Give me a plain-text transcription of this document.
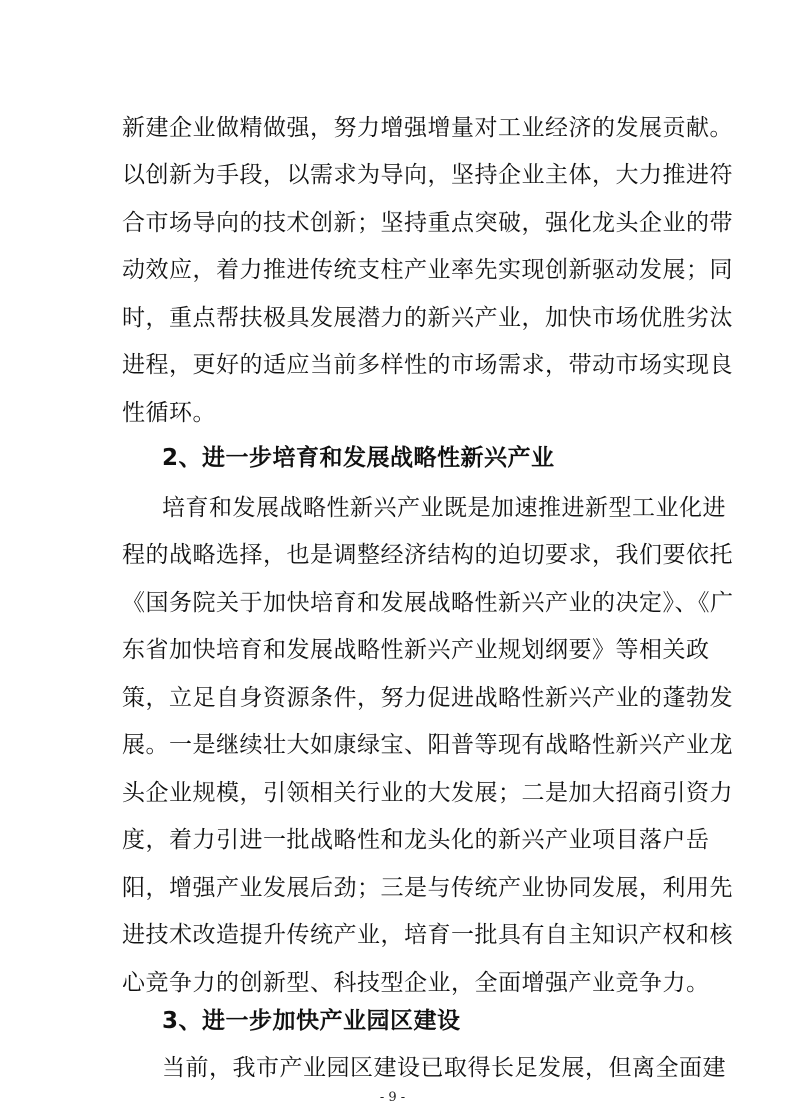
新建企业做精做强，努力增强增量对工业经济的发展贡献。
以创新为手段，以需求为导向，坚持企业主体，大力推进符
合市场导向的技术创新；坚持重点突破，强化龙头企业的带
动效应，着力推进传统支柱产业率先实现创新驱动发展；同
时，重点帮扶极具发展潜力的新兴产业，加快市场优胜劣汰
进程，更好的适应当前多样性的市场需求，带动市场实现良
性循环。
2、进一步培育和发展战略性新兴产业
培育和发展战略性新兴产业既是加速推进新型工业化进
程的战略选择，也是调整经济结构的迫切要求，我们要依托
《国务院关于加快培育和发展战略性新兴产业的决定》、《广
东省加快培育和发展战略性新兴产业规划纲要》等相关政
策，立足自身资源条件，努力促进战略性新兴产业的蓬勃发
展。一是继续壮大如康绿宝、阳普等现有战略性新兴产业龙
头企业规模，引领相关行业的大发展；二是加大招商引资力
度，着力引进一批战略性和龙头化的新兴产业项目落户岳
阳，增强产业发展后劲；三是与传统产业协同发展，利用先
进技术改造提升传统产业，培育一批具有自主知识产权和核
心竞争力的创新型、科技型企业，全面增强产业竞争力。
3、进一步加快产业园区建设
当前，我市产业园区建设已取得长足发展，但离全面建
- 9 -
